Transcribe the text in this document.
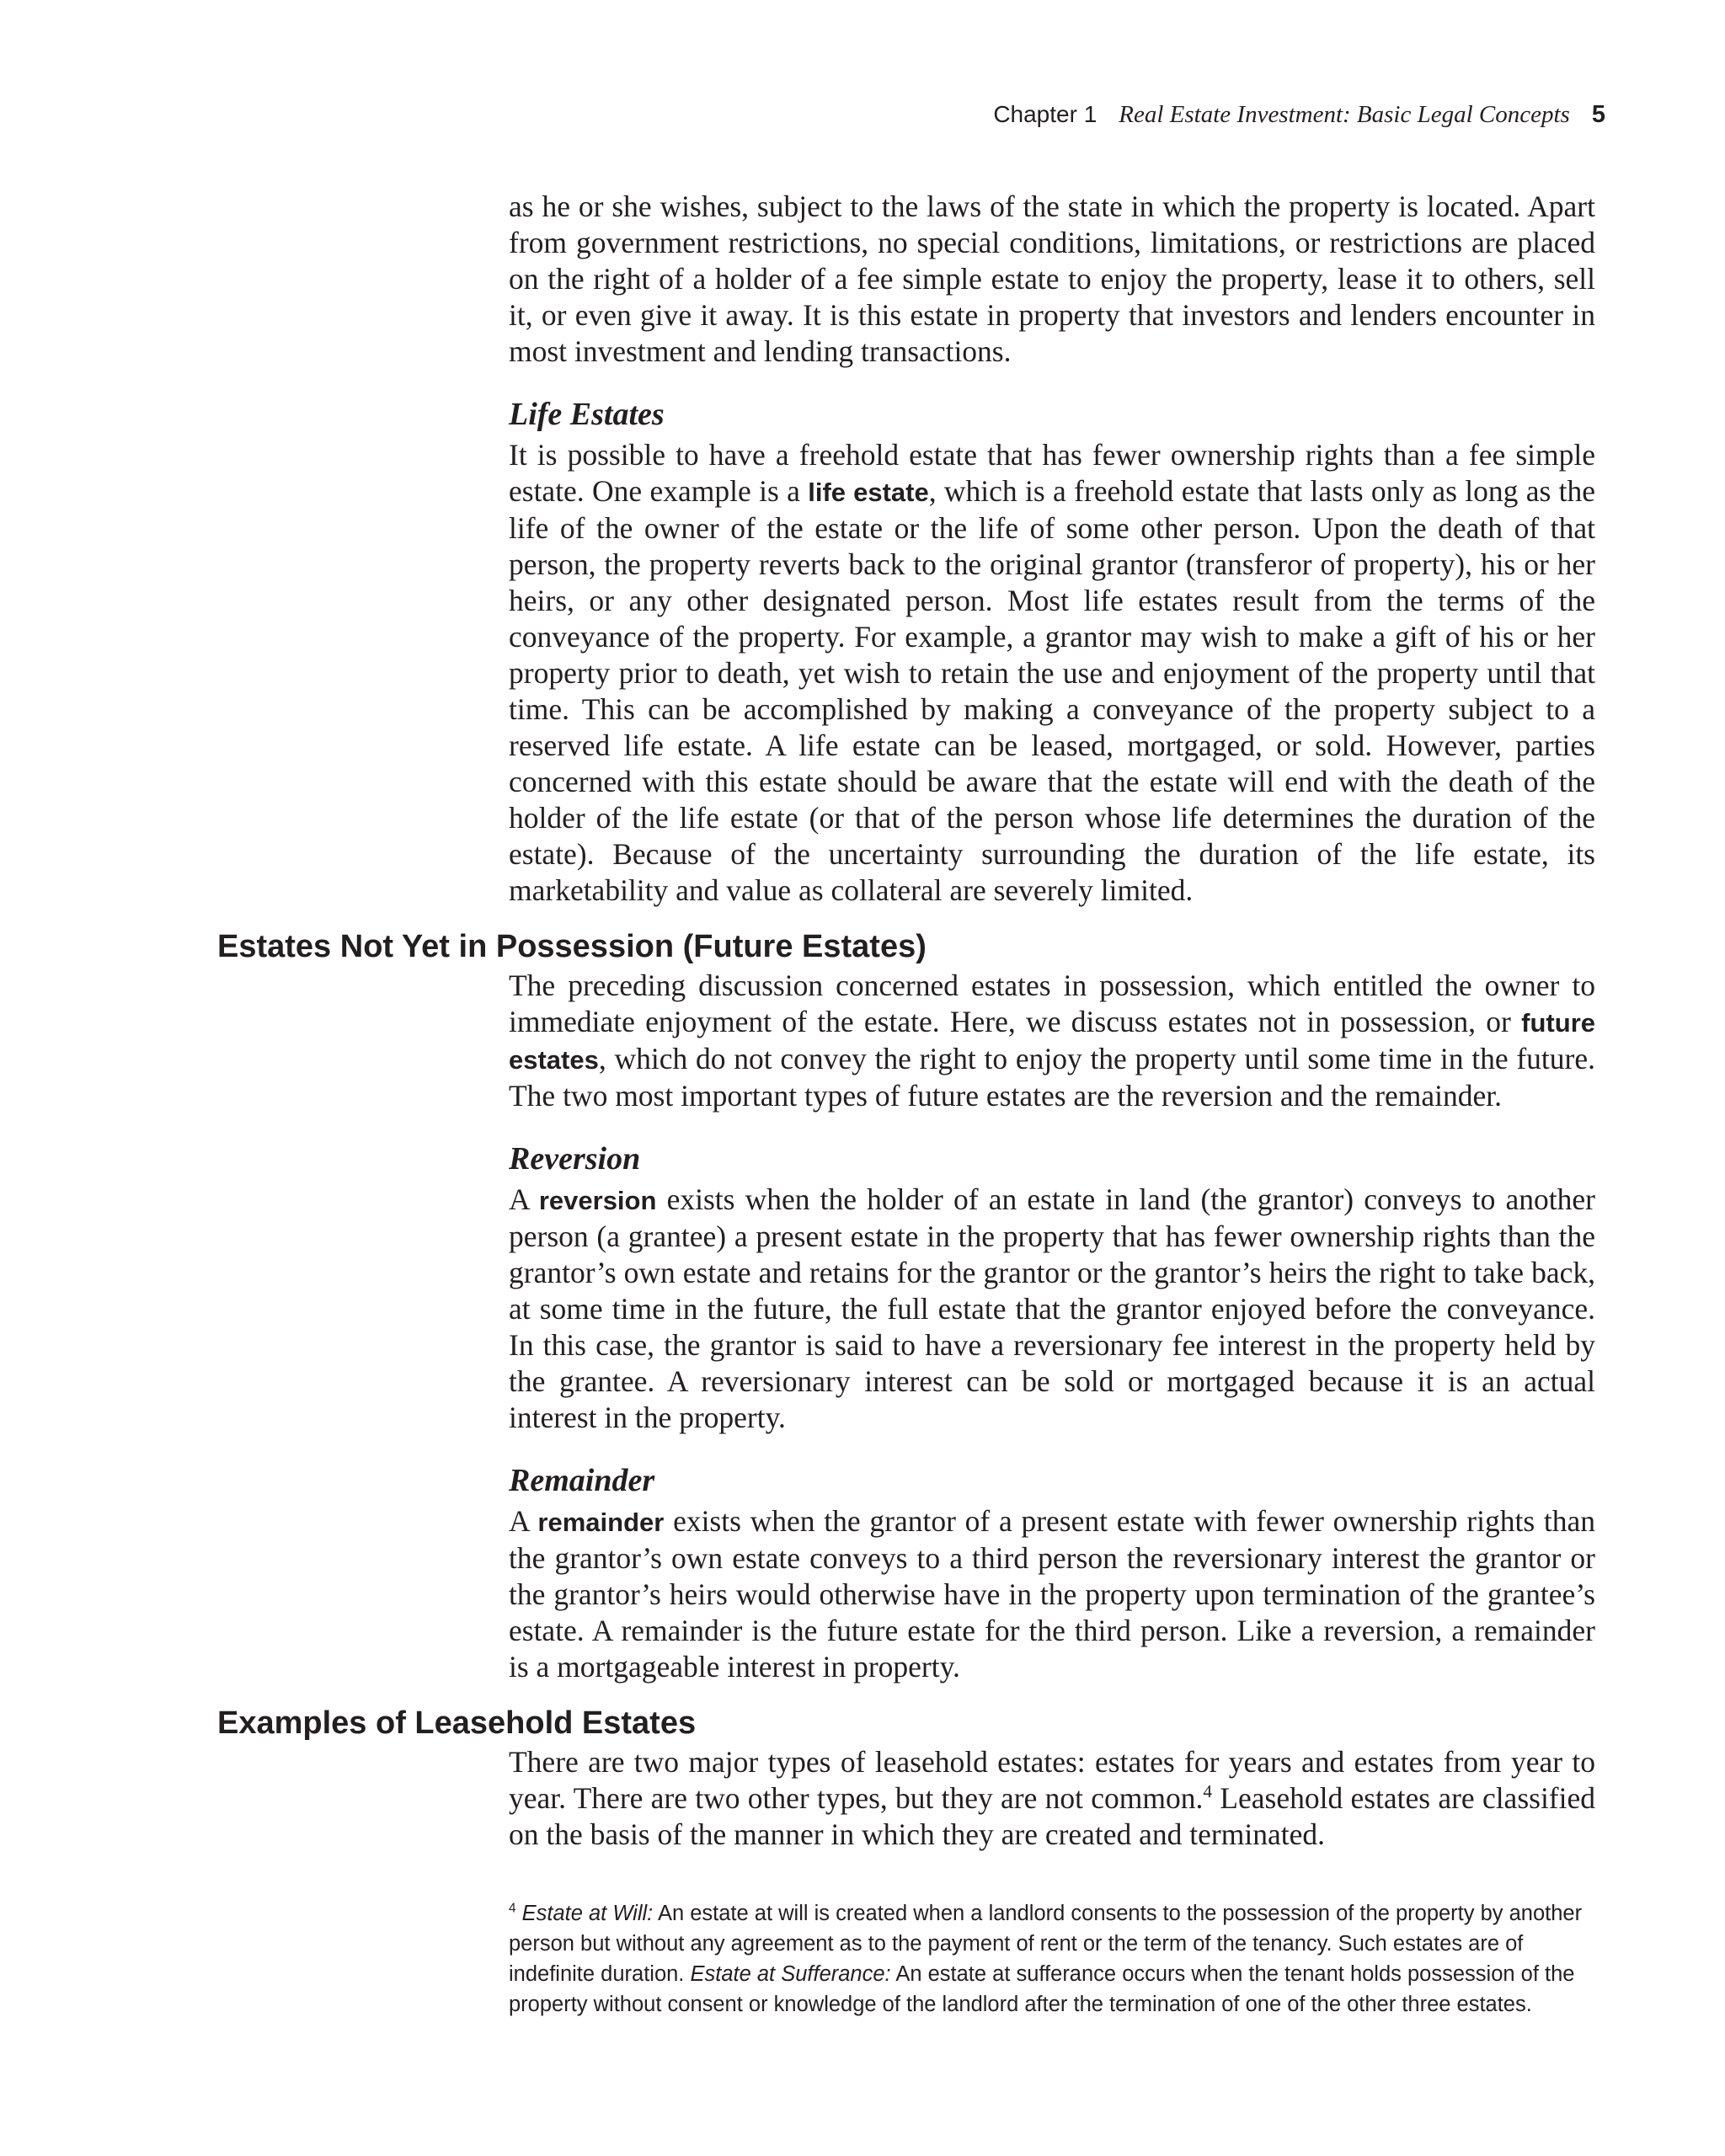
Chapter 1 Real Estate Investment: Basic Legal Concepts 5

as he or she wishes, subject to the laws of the state in which the property is located. Apart from government restrictions, no special conditions, limitations, or restrictions are placed on the right of a holder of a fee simple estate to enjoy the property, lease it to others, sell it, or even give it away. It is this estate in property that investors and lenders encounter in most investment and lending transactions.

Life Estates

It is possible to have a freehold estate that has fewer ownership rights than a fee simple estate. One example is a life estate, which is a freehold estate that lasts only as long as the life of the owner of the estate or the life of some other person. Upon the death of that person, the property reverts back to the original grantor (transferor of property), his or her heirs, or any other designated person. Most life estates result from the terms of the conveyance of the property. For example, a grantor may wish to make a gift of his or her property prior to death, yet wish to retain the use and enjoyment of the property until that time. This can be accomplished by making a conveyance of the property subject to a reserved life estate. A life estate can be leased, mortgaged, or sold. However, parties concerned with this estate should be aware that the estate will end with the death of the holder of the life estate (or that of the person whose life determines the duration of the estate). Because of the uncertainty surrounding the duration of the life estate, its marketability and value as collateral are severely limited.

Estates Not Yet in Possession (Future Estates)

The preceding discussion concerned estates in possession, which entitled the owner to immediate enjoyment of the estate. Here, we discuss estates not in possession, or future estates, which do not convey the right to enjoy the property until some time in the future. The two most important types of future estates are the reversion and the remainder.

Reversion

A reversion exists when the holder of an estate in land (the grantor) conveys to another person (a grantee) a present estate in the property that has fewer ownership rights than the grantor’s own estate and retains for the grantor or the grantor’s heirs the right to take back, at some time in the future, the full estate that the grantor enjoyed before the conveyance. In this case, the grantor is said to have a reversionary fee interest in the property held by the grantee. A reversionary interest can be sold or mortgaged because it is an actual interest in the property.

Remainder

A remainder exists when the grantor of a present estate with fewer ownership rights than the grantor’s own estate conveys to a third person the reversionary interest the grantor or the grantor’s heirs would otherwise have in the property upon termination of the grantee’s estate. A remainder is the future estate for the third person. Like a reversion, a remainder is a mortgageable interest in property.

Examples of Leasehold Estates

There are two major types of leasehold estates: estates for years and estates from year to year. There are two other types, but they are not common.$^4$ Leasehold estates are classified on the basis of the manner in which they are created and terminated.

$^4$ Estate at Will: An estate at will is created when a landlord consents to the possession of the property by another person but without any agreement as to the payment of rent or the term of the tenancy. Such estates are of indefinite duration. Estate at Sufferance: An estate at sufferance occurs when the tenant holds possession of the property without consent or knowledge of the landlord after the termination of one of the other three estates.
